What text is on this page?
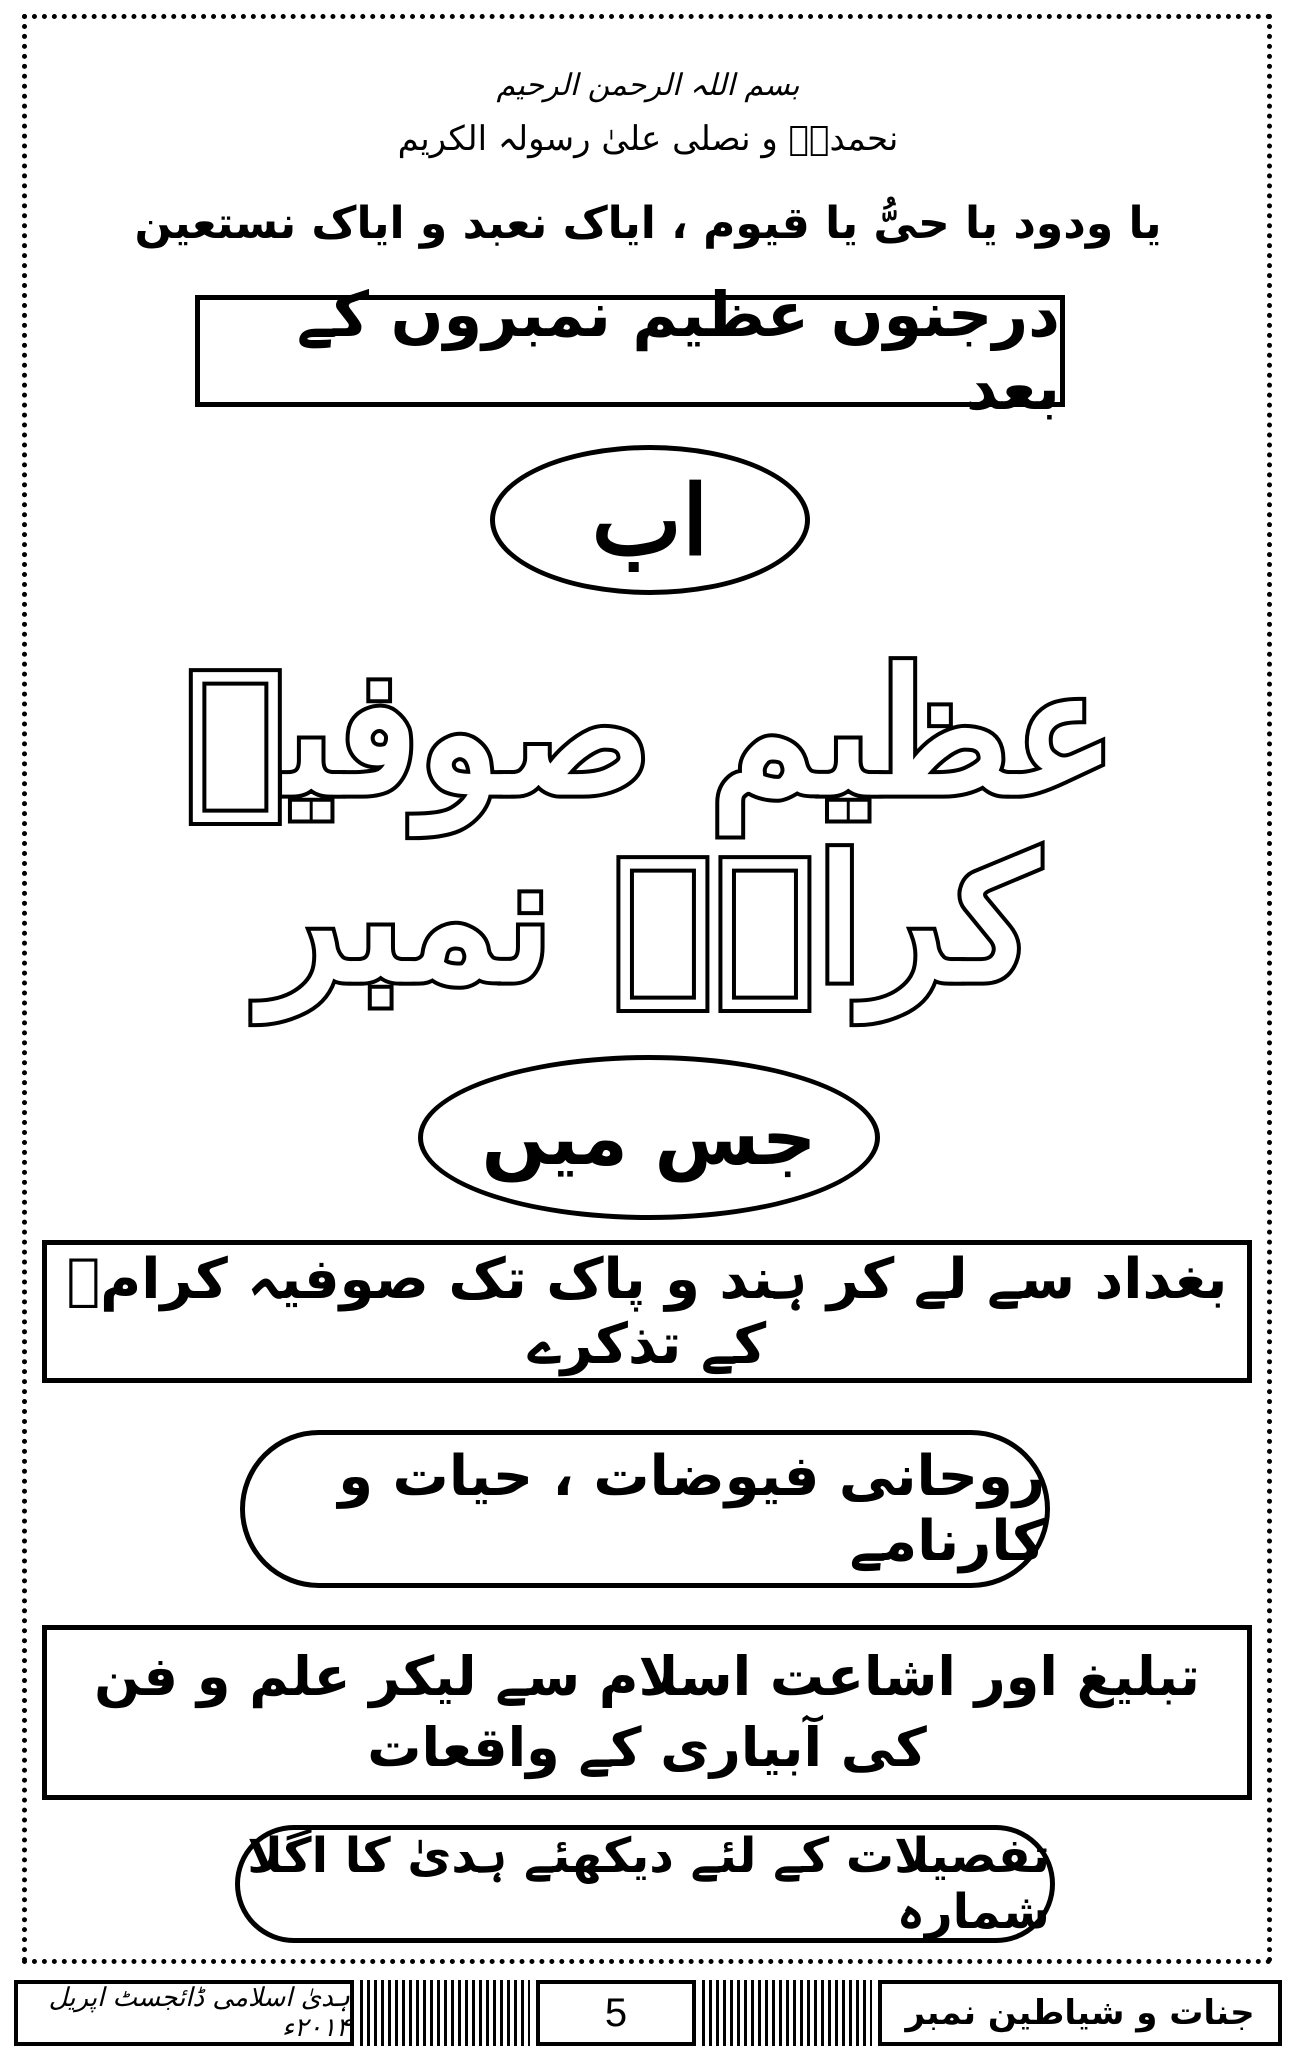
بسم اللہ الرحمن الرحیم
نحمدہٗ و نصلی علیٰ رسولہ الکریم
یا ودود یا حیُّ یا قیوم ، ایاک نعبد و ایاک نستعین
درجنوں عظیم نمبروں کے بعد
اب
عظیم صوفیہ کرامؒ نمبر
جس میں
بغداد سے لے کر ہند و پاک تک صوفیہ کرامؒ کے تذکرے
روحانی فیوضات ، حیات و کارنامے
تبلیغ اور اشاعت اسلام سے لیکر علم و فن کی آبیاری کے واقعات
تفصیلات کے لئے دیکھئے ہدیٰ کا اگلا شمارہ
ہدیٰ اسلامی ڈائجسٹ اپریل ۲۰۱۴ء	5	جنات و شیاطین نمبر
